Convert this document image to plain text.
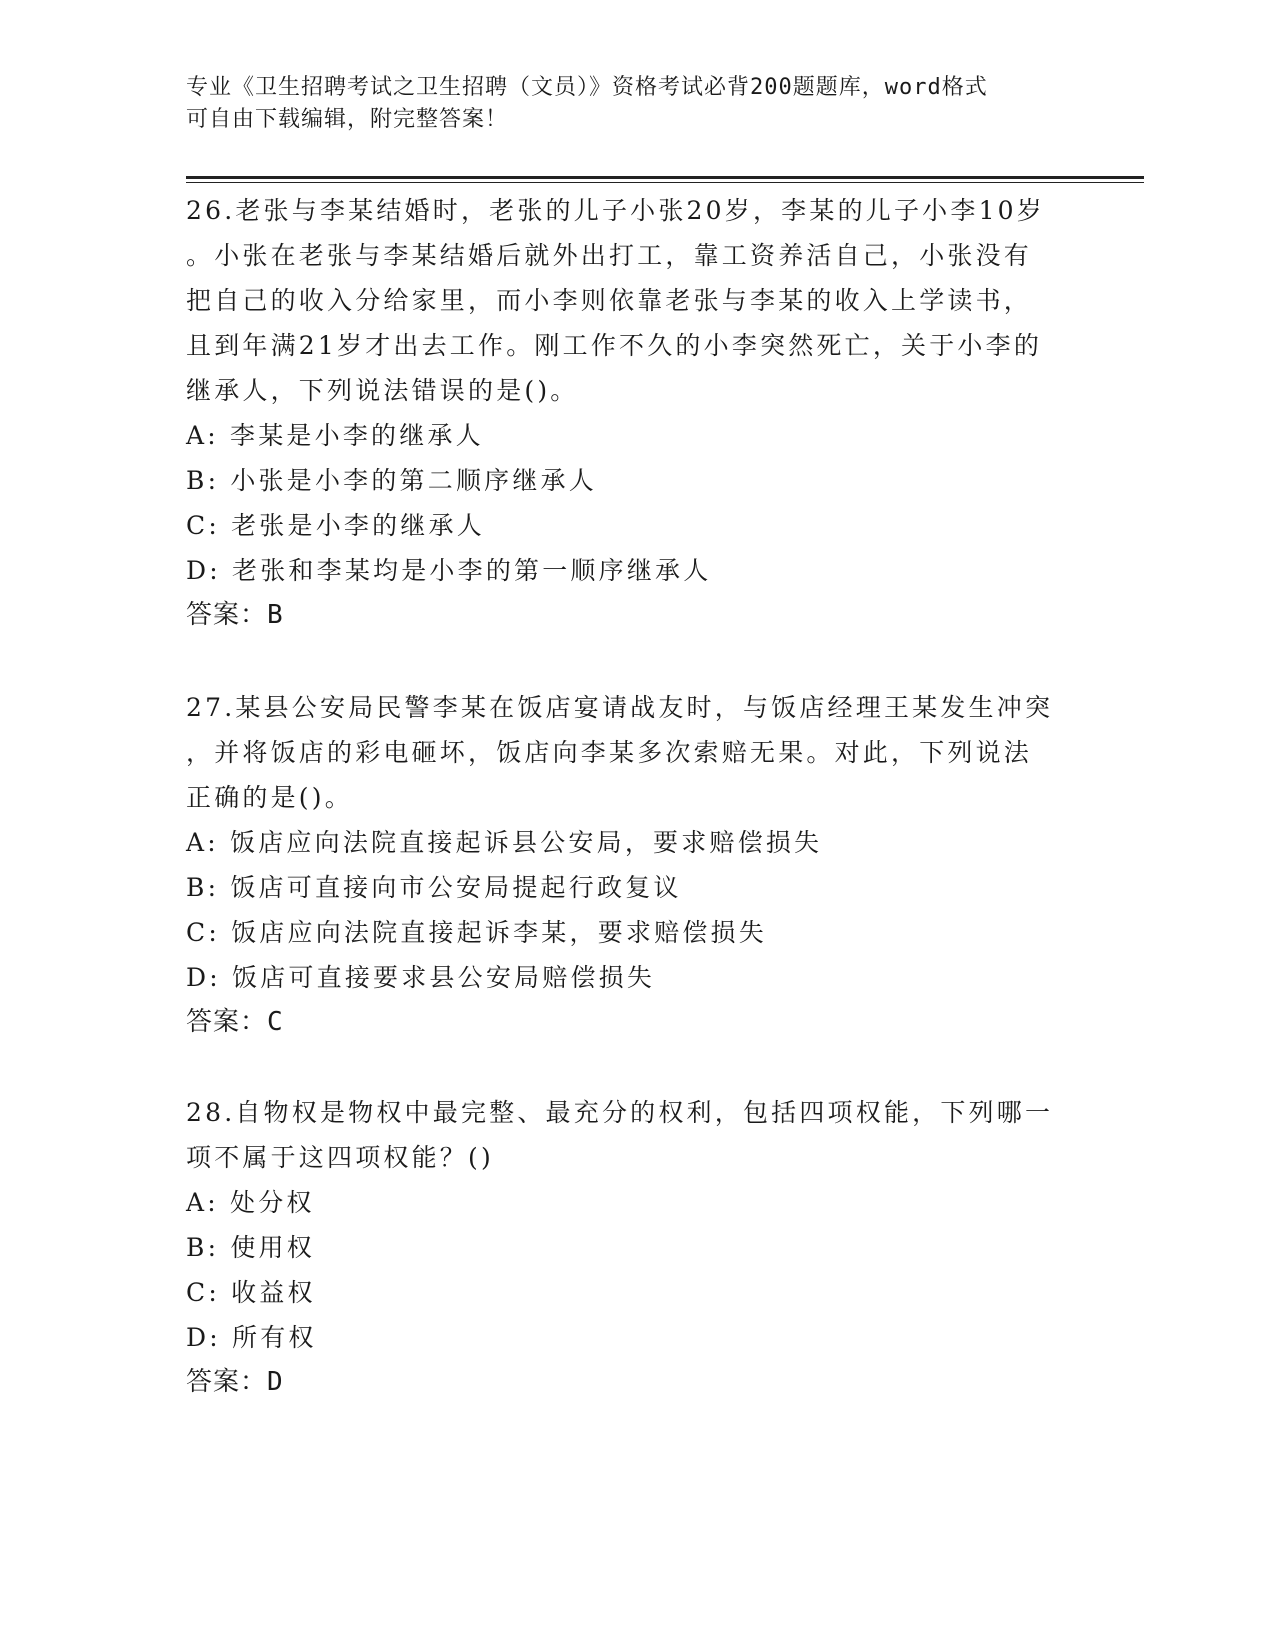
专业《卫生招聘考试之卫生招聘（文员）》资格考试必背200题题库，word格式
可自由下载编辑，附完整答案！
26.老张与李某结婚时，老张的儿子小张20岁，李某的儿子小李10岁
。小张在老张与李某结婚后就外出打工，靠工资养活自己，小张没有
把自己的收入分给家里，而小李则依靠老张与李某的收入上学读书，
且到年满21岁才出去工作。刚工作不久的小李突然死亡，关于小李的
继承人，下列说法错误的是()。
A: 李某是小李的继承人
B: 小张是小李的第二顺序继承人
C: 老张是小李的继承人
D: 老张和李某均是小李的第一顺序继承人
答案：B
27.某县公安局民警李某在饭店宴请战友时，与饭店经理王某发生冲突
，并将饭店的彩电砸坏，饭店向李某多次索赔无果。对此，下列说法
正确的是()。
A: 饭店应向法院直接起诉县公安局，要求赔偿损失
B: 饭店可直接向市公安局提起行政复议
C: 饭店应向法院直接起诉李某，要求赔偿损失
D: 饭店可直接要求县公安局赔偿损失
答案：C
28.自物权是物权中最完整、最充分的权利，包括四项权能，下列哪一
项不属于这四项权能？()
A: 处分权
B: 使用权
C: 收益权
D: 所有权
答案：D
